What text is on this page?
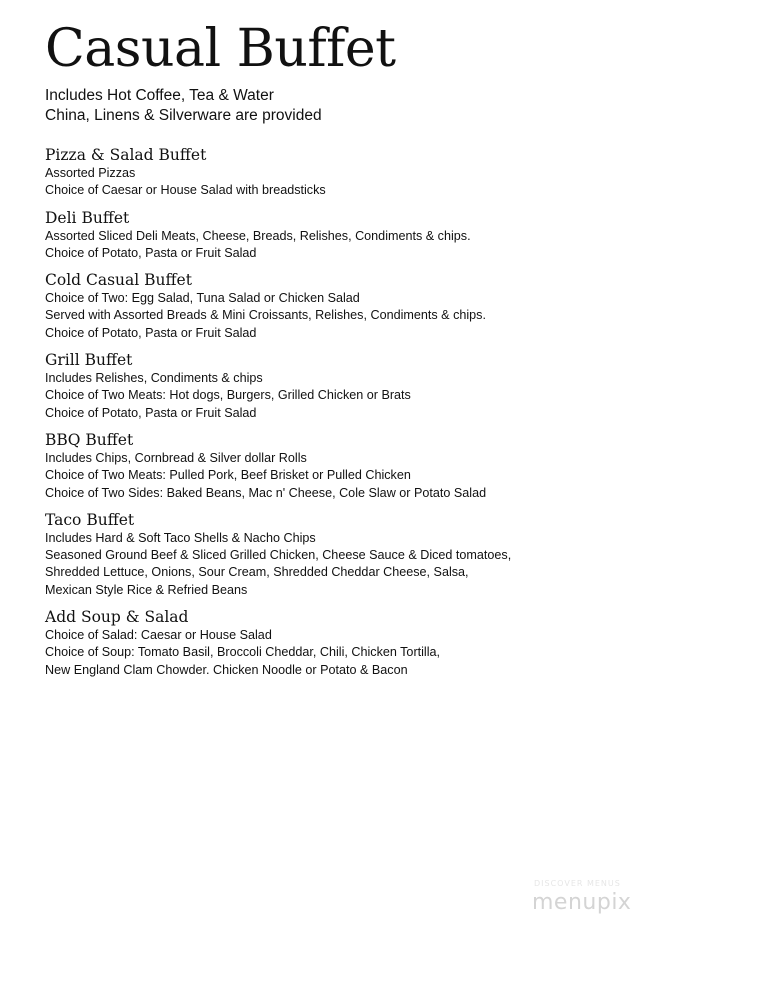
Casual Buffet
Includes Hot Coffee, Tea & Water
China, Linens & Silverware are provided
Pizza & Salad Buffet
Assorted Pizzas
Choice of Caesar or House Salad with breadsticks
Deli Buffet
Assorted Sliced Deli Meats, Cheese, Breads, Relishes, Condiments & chips.
Choice of Potato, Pasta or Fruit Salad
Cold Casual Buffet
Choice of Two: Egg Salad, Tuna Salad or Chicken Salad
Served with Assorted Breads & Mini Croissants, Relishes, Condiments & chips.
Choice of Potato, Pasta or Fruit Salad
Grill Buffet
Includes Relishes, Condiments & chips
Choice of Two Meats: Hot dogs, Burgers, Grilled Chicken or Brats
Choice of Potato, Pasta or Fruit Salad
BBQ Buffet
Includes Chips, Cornbread & Silver dollar Rolls
Choice of Two Meats: Pulled Pork, Beef Brisket or Pulled Chicken
Choice of Two Sides: Baked Beans, Mac n' Cheese, Cole Slaw or Potato Salad
Taco Buffet
Includes Hard & Soft Taco Shells & Nacho Chips
Seasoned Ground Beef & Sliced Grilled Chicken, Cheese Sauce & Diced tomatoes,
Shredded Lettuce, Onions, Sour Cream, Shredded Cheddar Cheese, Salsa,
Mexican Style Rice & Refried Beans
Add Soup & Salad
Choice of Salad: Caesar or House Salad
Choice of Soup: Tomato Basil, Broccoli Cheddar, Chili, Chicken Tortilla,
New England Clam Chowder. Chicken Noodle or Potato & Bacon
DISCOVER MENUS
menupix
